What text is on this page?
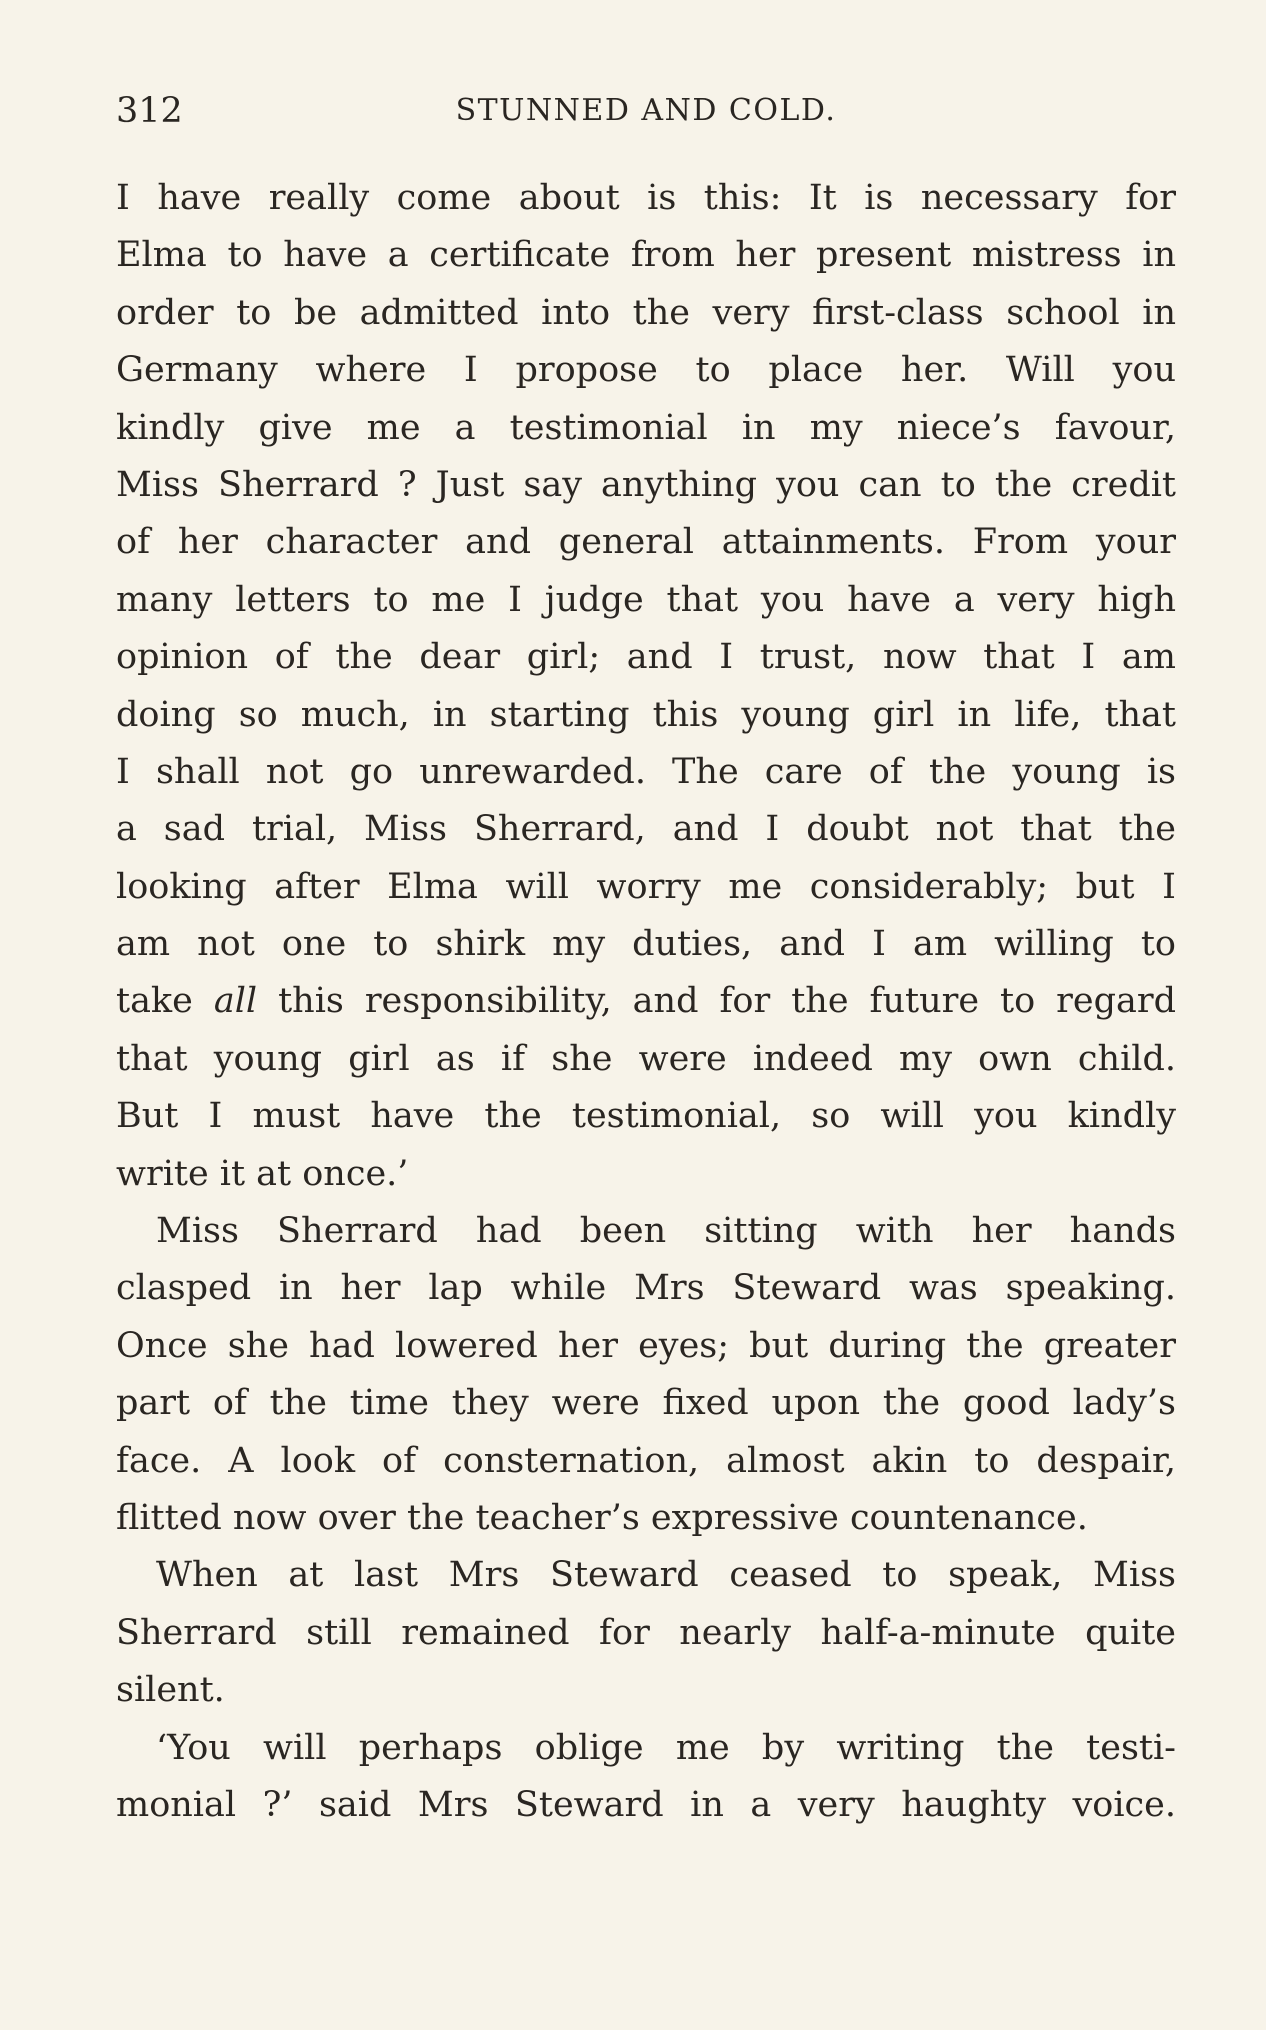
312	STUNNED AND COLD.
I have really come about is this: It is necessary for
Elma to have a certificate from her present mistress in
order to be admitted into the very first-class school in
Germany where I propose to place her. Will you
kindly give me a testimonial in my niece’s favour,
Miss Sherrard ? Just say anything you can to the credit
of her character and general attainments. From your
many letters to me I judge that you have a very high
opinion of the dear girl; and I trust, now that I am
doing so much, in starting this young girl in life, that
I shall not go unrewarded. The care of the young is
a sad trial, Miss Sherrard, and I doubt not that the
looking after Elma will worry me considerably; but I
am not one to shirk my duties, and I am willing to
take all this responsibility, and for the future to regard
that young girl as if she were indeed my own child.
But I must have the testimonial, so will you kindly
write it at once.’
Miss Sherrard had been sitting with her hands
clasped in her lap while Mrs Steward was speaking.
Once she had lowered her eyes; but during the greater
part of the time they were fixed upon the good lady’s
face. A look of consternation, almost akin to despair,
flitted now over the teacher’s expressive countenance.
When at last Mrs Steward ceased to speak, Miss
Sherrard still remained for nearly half-a-minute quite
silent.
‘You will perhaps oblige me by writing the testi-
monial ?’ said Mrs Steward in a very haughty voice.
